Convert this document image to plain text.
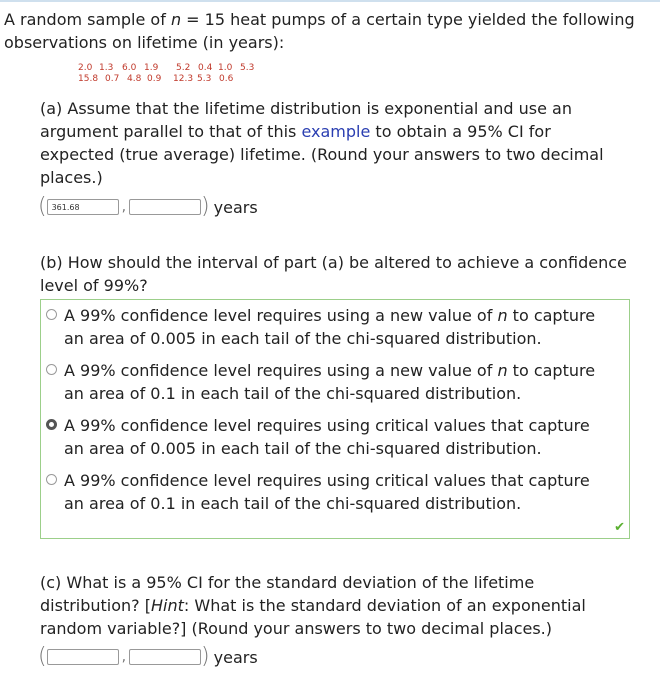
A random sample of n = 15 heat pumps of a certain type yielded the following
observations on lifetime (in years):
2.0 1.3 6.0 1.9 5.2 0.4 1.0 5.3
15.8 0.7 4.8 0.9 12.3 5.3 0.6
(a) Assume that the lifetime distribution is exponential and use an
argument parallel to that of this example to obtain a 95% CI for
expected (true average) lifetime. (Round your answers to two decimal
places.)
( 361.68	,	) years
(b) How should the interval of part (a) be altered to achieve a confidence
level of 99%?
A 99% confidence level requires using a new value of n to capture
an area of 0.005 in each tail of the chi-squared distribution.
A 99% confidence level requires using a new value of n to capture
an area of 0.1 in each tail of the chi-squared distribution.
A 99% confidence level requires using critical values that capture
an area of 0.005 in each tail of the chi-squared distribution.
A 99% confidence level requires using critical values that capture
an area of 0.1 in each tail of the chi-squared distribution.
✔
(c) What is a 95% CI for the standard deviation of the lifetime
distribution? [Hint: What is the standard deviation of an exponential
random variable?] (Round your answers to two decimal places.)
(	,	) years
